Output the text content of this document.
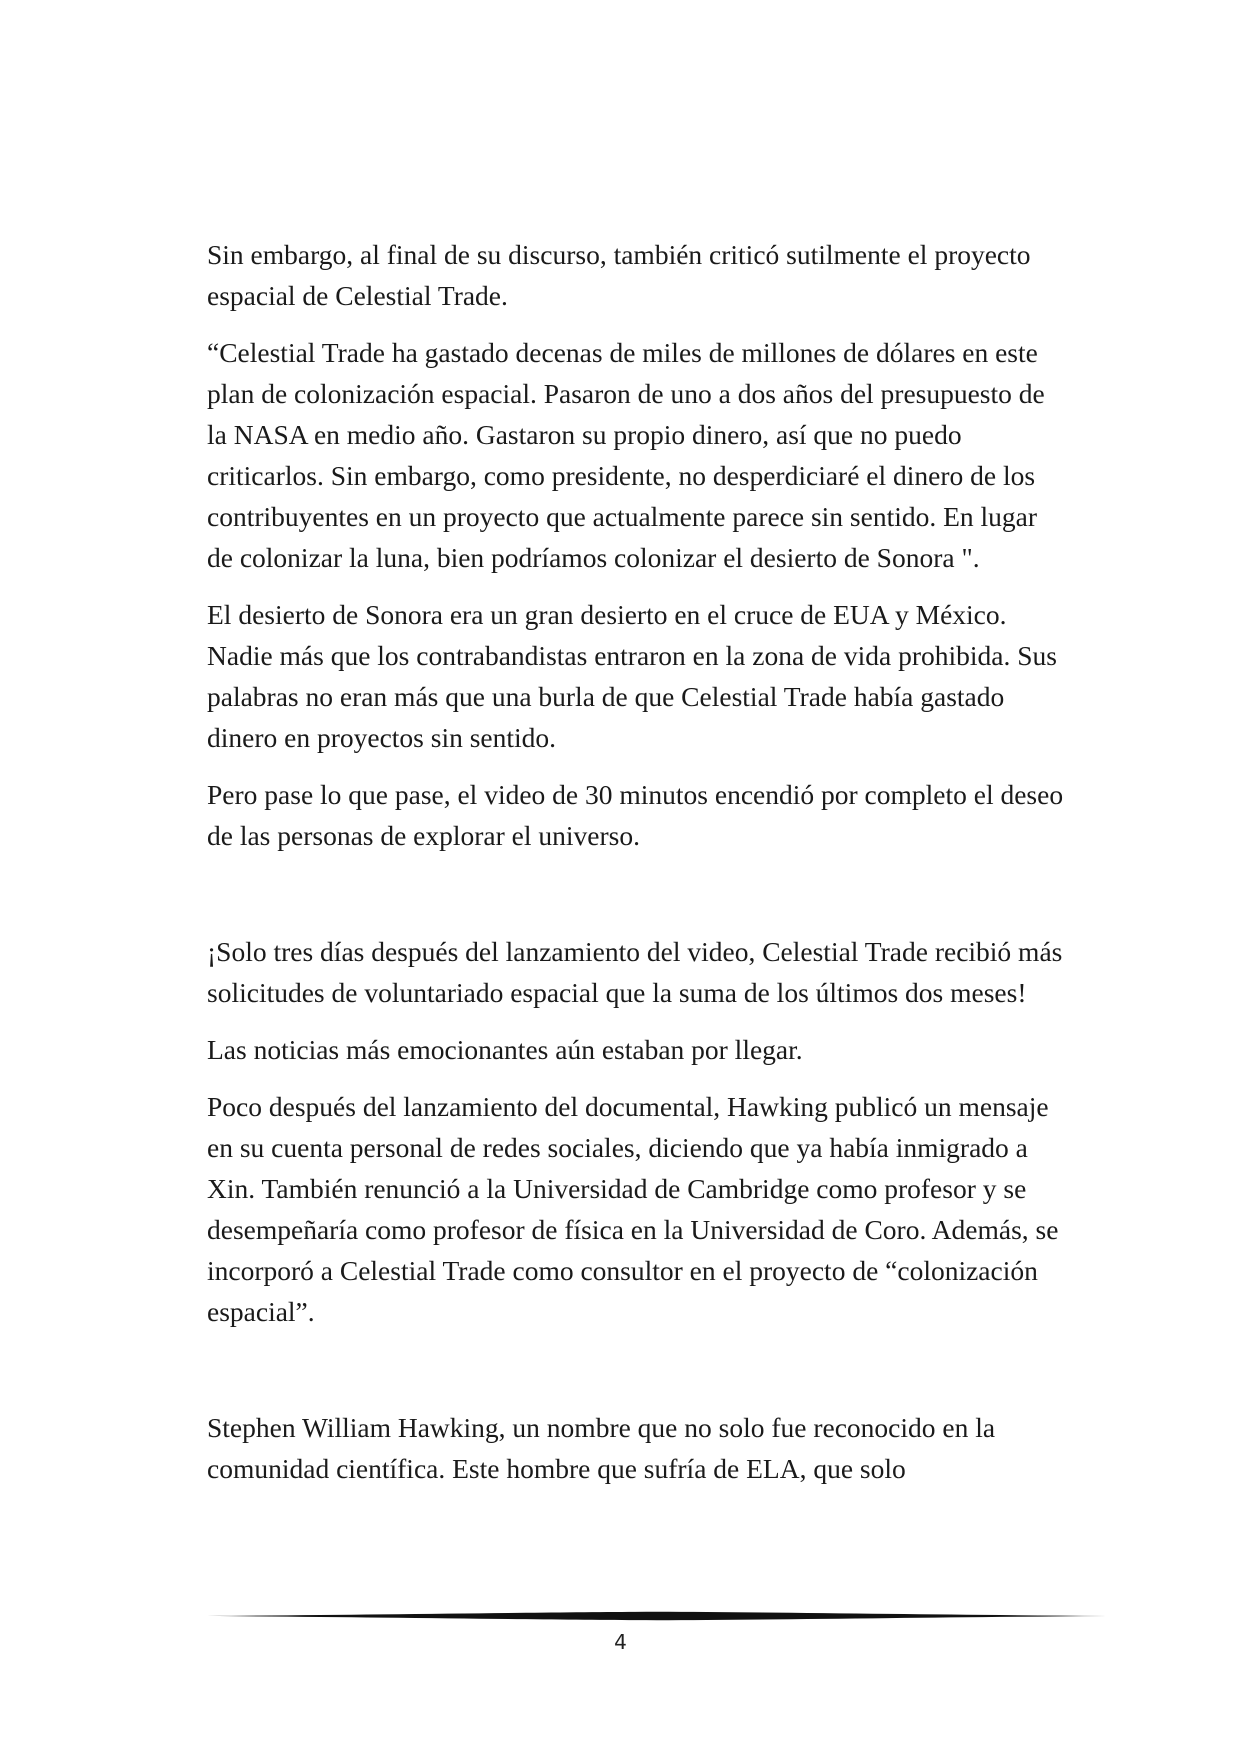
Sin embargo, al final de su discurso, también criticó sutilmente el proyecto espacial de Celestial Trade.

“Celestial Trade ha gastado decenas de miles de millones de dólares en este plan de colonización espacial. Pasaron de uno a dos años del presupuesto de la NASA en medio año. Gastaron su propio dinero, así que no puedo criticarlos. Sin embargo, como presidente, no desperdiciaré el dinero de los contribuyentes en un proyecto que actualmente parece sin sentido. En lugar de colonizar la luna, bien podríamos colonizar el desierto de Sonora ".

El desierto de Sonora era un gran desierto en el cruce de EUA y México. Nadie más que los contrabandistas entraron en la zona de vida prohibida. Sus palabras no eran más que una burla de que Celestial Trade había gastado dinero en proyectos sin sentido.

Pero pase lo que pase, el video de 30 minutos encendió por completo el deseo de las personas de explorar el universo.

¡Solo tres días después del lanzamiento del video, Celestial Trade recibió más solicitudes de voluntariado espacial que la suma de los últimos dos meses!

Las noticias más emocionantes aún estaban por llegar.

Poco después del lanzamiento del documental, Hawking publicó un mensaje en su cuenta personal de redes sociales, diciendo que ya había inmigrado a Xin. También renunció a la Universidad de Cambridge como profesor y se desempeñaría como profesor de física en la Universidad de Coro. Además, se incorporó a Celestial Trade como consultor en el proyecto de “colonización espacial”.

Stephen William Hawking, un nombre que no solo fue reconocido en la comunidad científica. Este hombre que sufría de ELA, que solo

4
